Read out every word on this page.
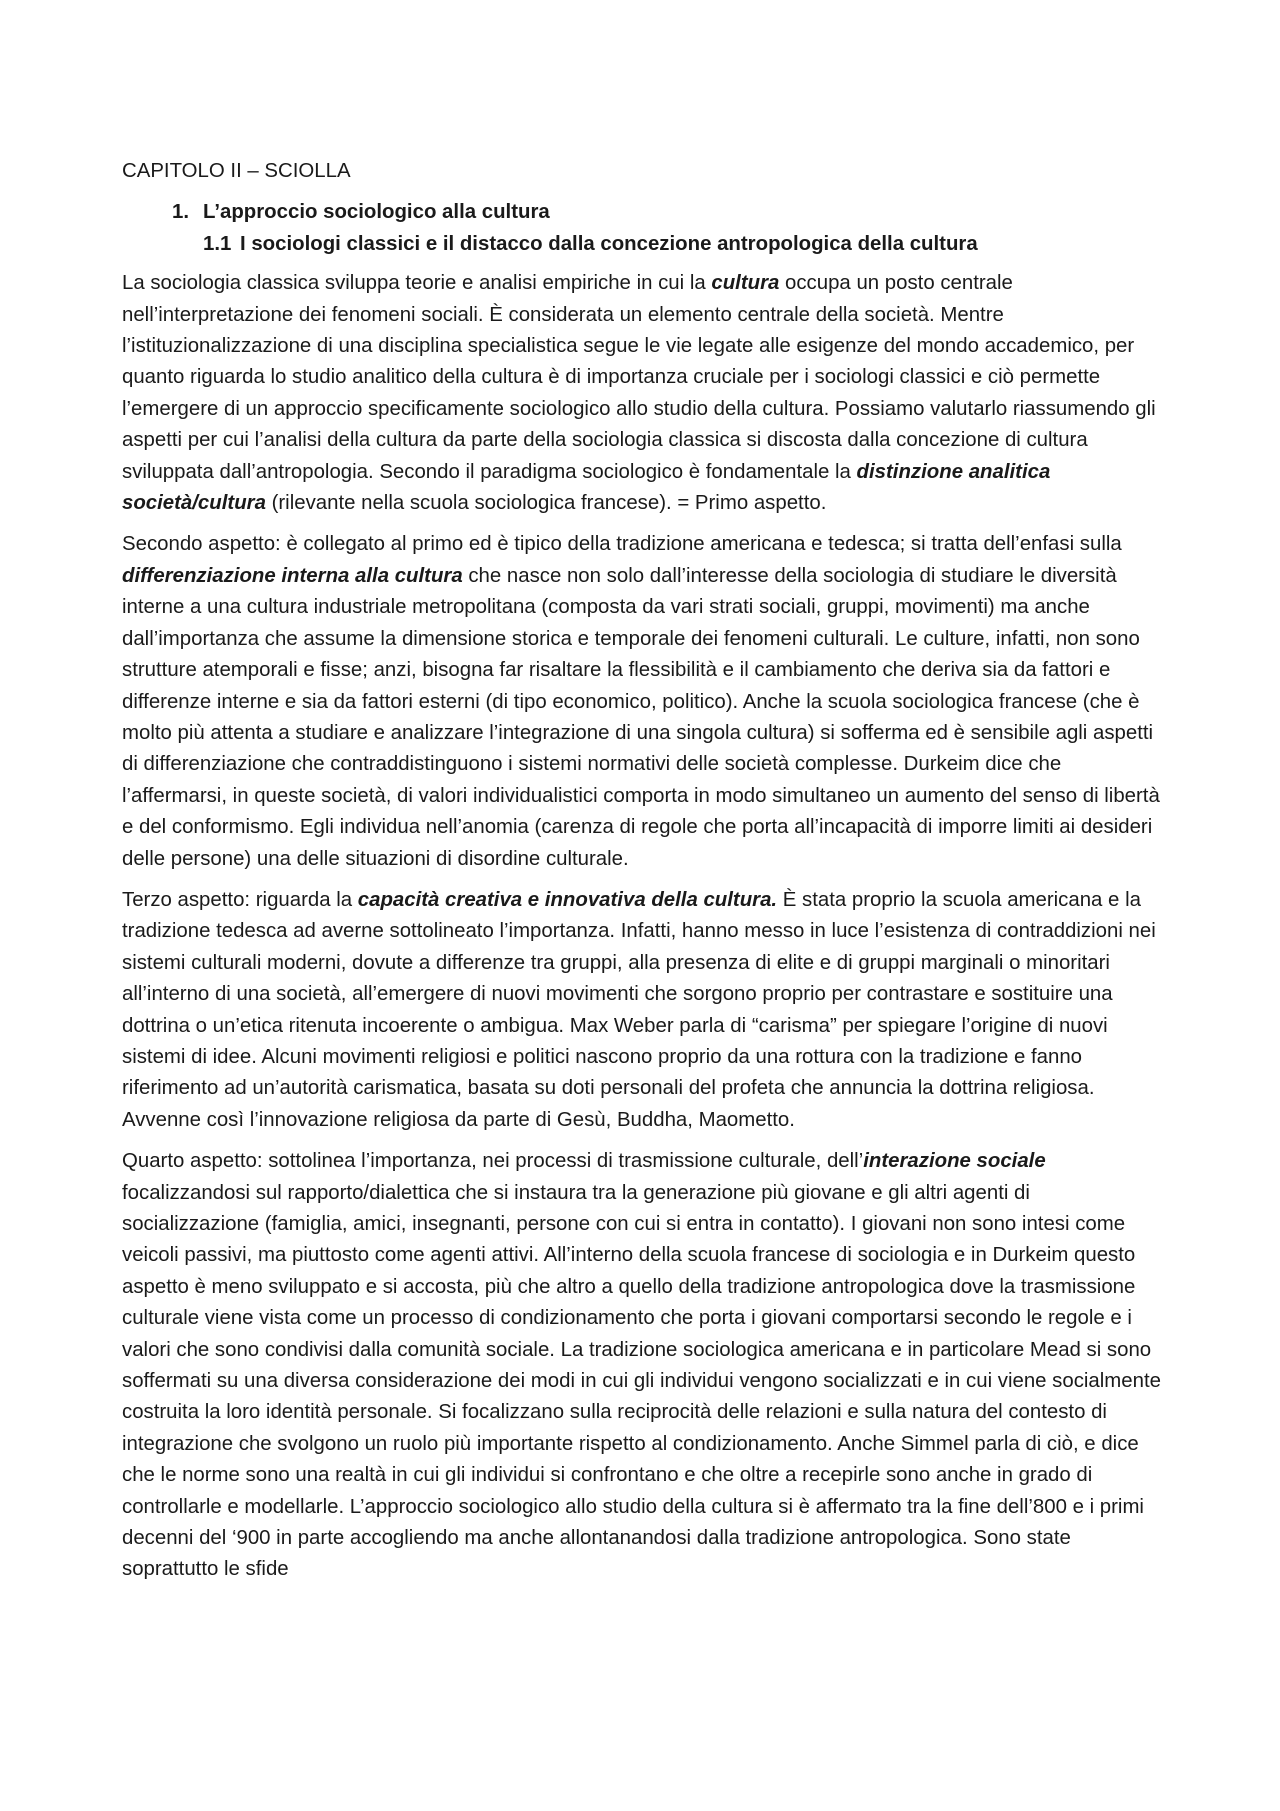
CAPITOLO II – SCIOLLA
1. L’approccio sociologico alla cultura
1.1 I sociologi classici e il distacco dalla concezione antropologica della cultura

La sociologia classica sviluppa teorie e analisi empiriche in cui la cultura occupa un posto centrale nell’interpretazione dei fenomeni sociali. È considerata un elemento centrale della società. Mentre l’istituzionalizzazione di una disciplina specialistica segue le vie legate alle esigenze del mondo accademico, per quanto riguarda lo studio analitico della cultura è di importanza cruciale per i sociologi classici e ciò permette l’emergere di un approccio specificamente sociologico allo studio della cultura. Possiamo valutarlo riassumendo gli aspetti per cui l’analisi della cultura da parte della sociologia classica si discosta dalla concezione di cultura sviluppata dall’antropologia. Secondo il paradigma sociologico è fondamentale la distinzione analitica società/cultura (rilevante nella scuola sociologica francese). = Primo aspetto.

Secondo aspetto: è collegato al primo ed è tipico della tradizione americana e tedesca; si tratta dell’enfasi sulla differenziazione interna alla cultura che nasce non solo dall’interesse della sociologia di studiare le diversità interne a una cultura industriale metropolitana (composta da vari strati sociali, gruppi, movimenti) ma anche dall’importanza che assume la dimensione storica e temporale dei fenomeni culturali. Le culture, infatti, non sono strutture atemporali e fisse; anzi, bisogna far risaltare la flessibilità e il cambiamento che deriva sia da fattori e differenze interne e sia da fattori esterni (di tipo economico, politico). Anche la scuola sociologica francese (che è molto più attenta a studiare e analizzare l’integrazione di una singola cultura) si sofferma ed è sensibile agli aspetti di differenziazione che contraddistinguono i sistemi normativi delle società complesse. Durkeim dice che l’affermarsi, in queste società, di valori individualistici comporta in modo simultaneo un aumento del senso di libertà e del conformismo. Egli individua nell’anomia (carenza di regole che porta all’incapacità di imporre limiti ai desideri delle persone) una delle situazioni di disordine culturale.

Terzo aspetto: riguarda la capacità creativa e innovativa della cultura. È stata proprio la scuola americana e la tradizione tedesca ad averne sottolineato l’importanza. Infatti, hanno messo in luce l’esistenza di contraddizioni nei sistemi culturali moderni, dovute a differenze tra gruppi, alla presenza di elite e di gruppi marginali o minoritari all’interno di una società, all’emergere di nuovi movimenti che sorgono proprio per contrastare e sostituire una dottrina o un’etica ritenuta incoerente o ambigua. Max Weber parla di “carisma” per spiegare l’origine di nuovi sistemi di idee. Alcuni movimenti religiosi e politici nascono proprio da una rottura con la tradizione e fanno riferimento ad un’autorità carismatica, basata su doti personali del profeta che annuncia la dottrina religiosa. Avvenne così l’innovazione religiosa da parte di Gesù, Buddha, Maometto.

Quarto aspetto: sottolinea l’importanza, nei processi di trasmissione culturale, dell’interazione sociale focalizzandosi sul rapporto/dialettica che si instaura tra la generazione più giovane e gli altri agenti di socializzazione (famiglia, amici, insegnanti, persone con cui si entra in contatto). I giovani non sono intesi come veicoli passivi, ma piuttosto come agenti attivi. All’interno della scuola francese di sociologia e in Durkeim questo aspetto è meno sviluppato e si accosta, più che altro a quello della tradizione antropologica dove la trasmissione culturale viene vista come un processo di condizionamento che porta i giovani comportarsi secondo le regole e i valori che sono condivisi dalla comunità sociale. La tradizione sociologica americana e in particolare Mead si sono soffermati su una diversa considerazione dei modi in cui gli individui vengono socializzati e in cui viene socialmente costruita la loro identità personale. Si focalizzano sulla reciprocità delle relazioni e sulla natura del contesto di integrazione che svolgono un ruolo più importante rispetto al condizionamento. Anche Simmel parla di ciò, e dice che le norme sono una realtà in cui gli individui si confrontano e che oltre a recepirle sono anche in grado di controllarle e modellarle. L’approccio sociologico allo studio della cultura si è affermato tra la fine dell’800 e i primi decenni del ‘900 in parte accogliendo ma anche allontanandosi dalla tradizione antropologica. Sono state soprattutto le sfide
